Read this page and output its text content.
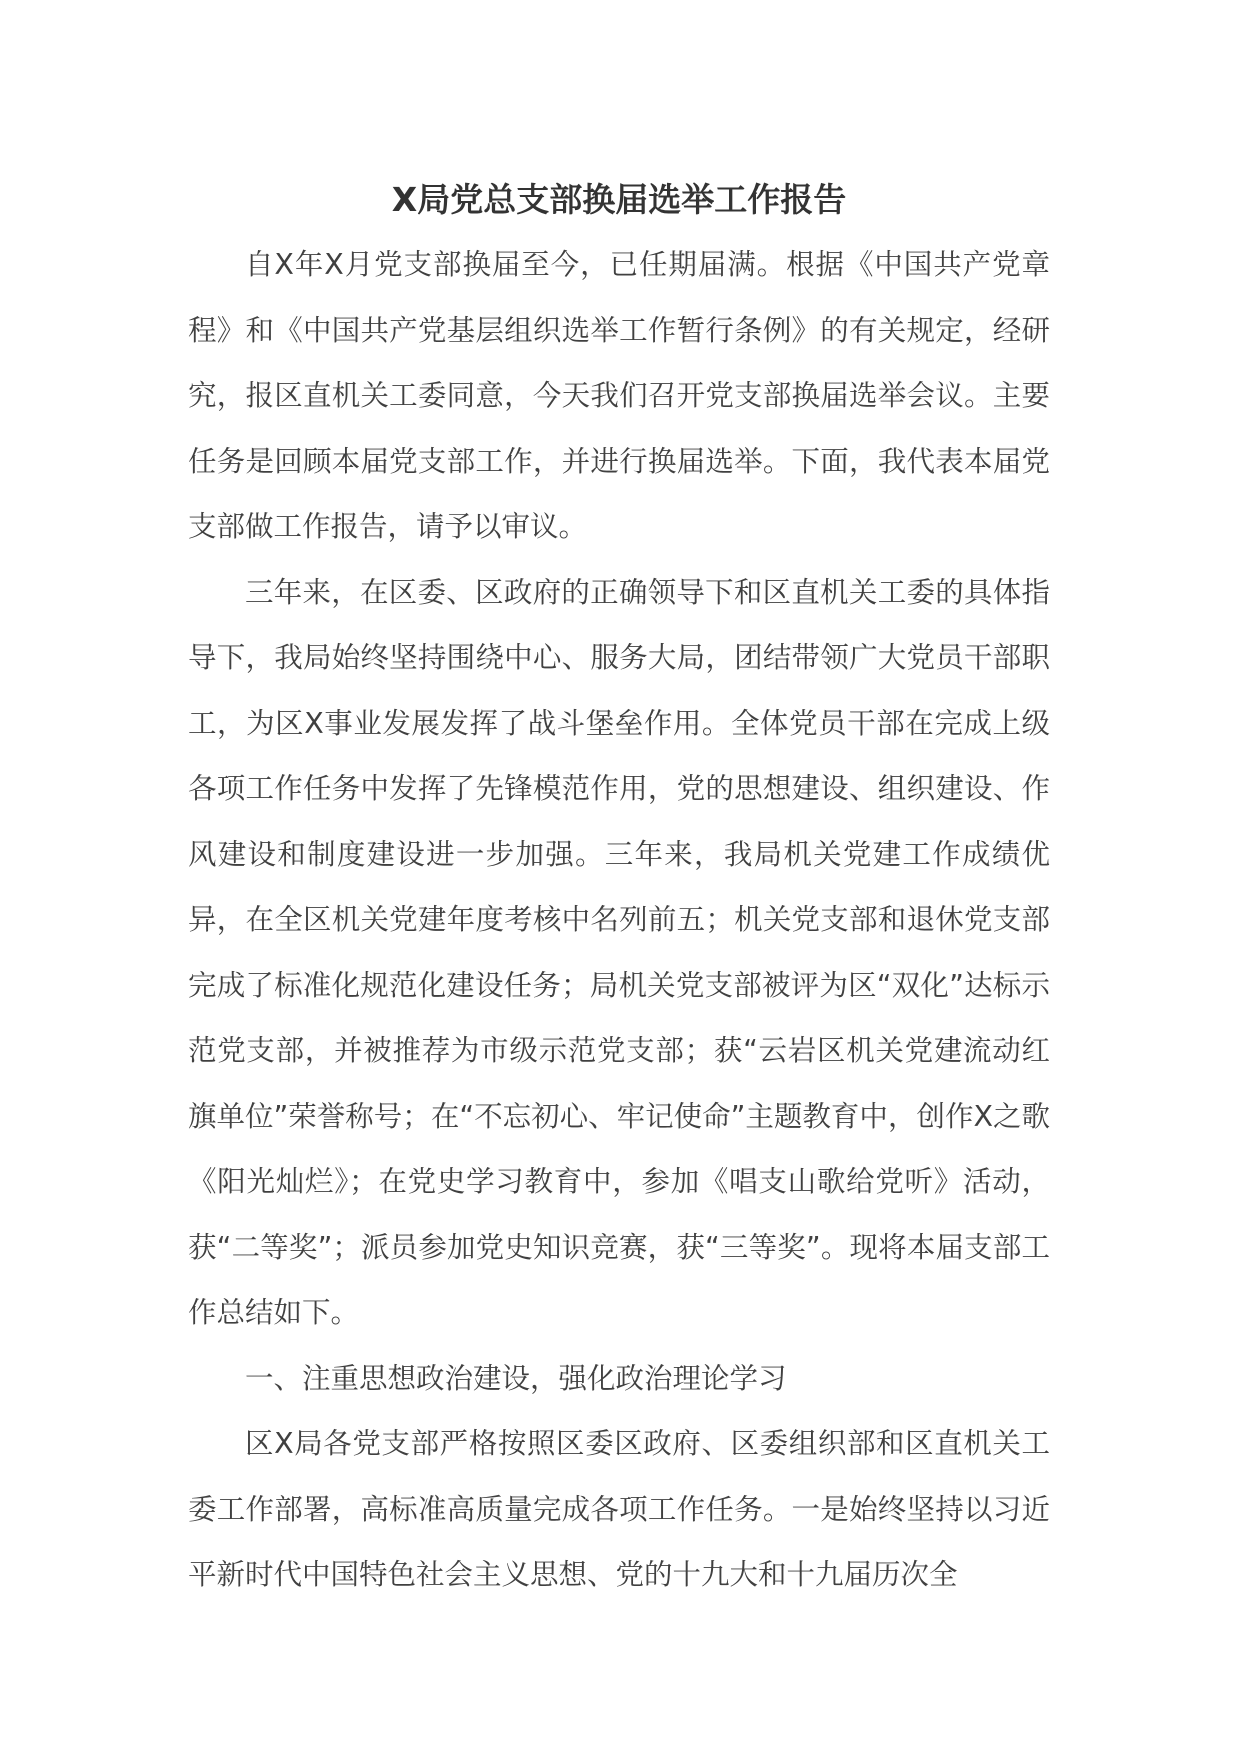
X局党总支部换届选举工作报告

自X年X月党支部换届至今，已任期届满。根据《中国共产党章程》和《中国共产党基层组织选举工作暂行条例》的有关规定，经研究，报区直机关工委同意，今天我们召开党支部换届选举会议。主要任务是回顾本届党支部工作，并进行换届选举。下面，我代表本届党支部做工作报告，请予以审议。

三年来，在区委、区政府的正确领导下和区直机关工委的具体指导下，我局始终坚持围绕中心、服务大局，团结带领广大党员干部职工，为区X事业发展发挥了战斗堡垒作用。全体党员干部在完成上级各项工作任务中发挥了先锋模范作用，党的思想建设、组织建设、作风建设和制度建设进一步加强。三年来，我局机关党建工作成绩优异，在全区机关党建年度考核中名列前五；机关党支部和退休党支部完成了标准化规范化建设任务；局机关党支部被评为区“双化”达标示范党支部，并被推荐为市级示范党支部；获“云岩区机关党建流动红旗单位”荣誉称号；在“不忘初心、牢记使命”主题教育中，创作X之歌《阳光灿烂》；在党史学习教育中，参加《唱支山歌给党听》活动，获“二等奖”；派员参加党史知识竞赛，获“三等奖”。现将本届支部工作总结如下。

一、注重思想政治建设，强化政治理论学习

区X局各党支部严格按照区委区政府、区委组织部和区直机关工委工作部署，高标准高质量完成各项工作任务。一是始终坚持以习近平新时代中国特色社会主义思想、党的十九大和十九届历次全
